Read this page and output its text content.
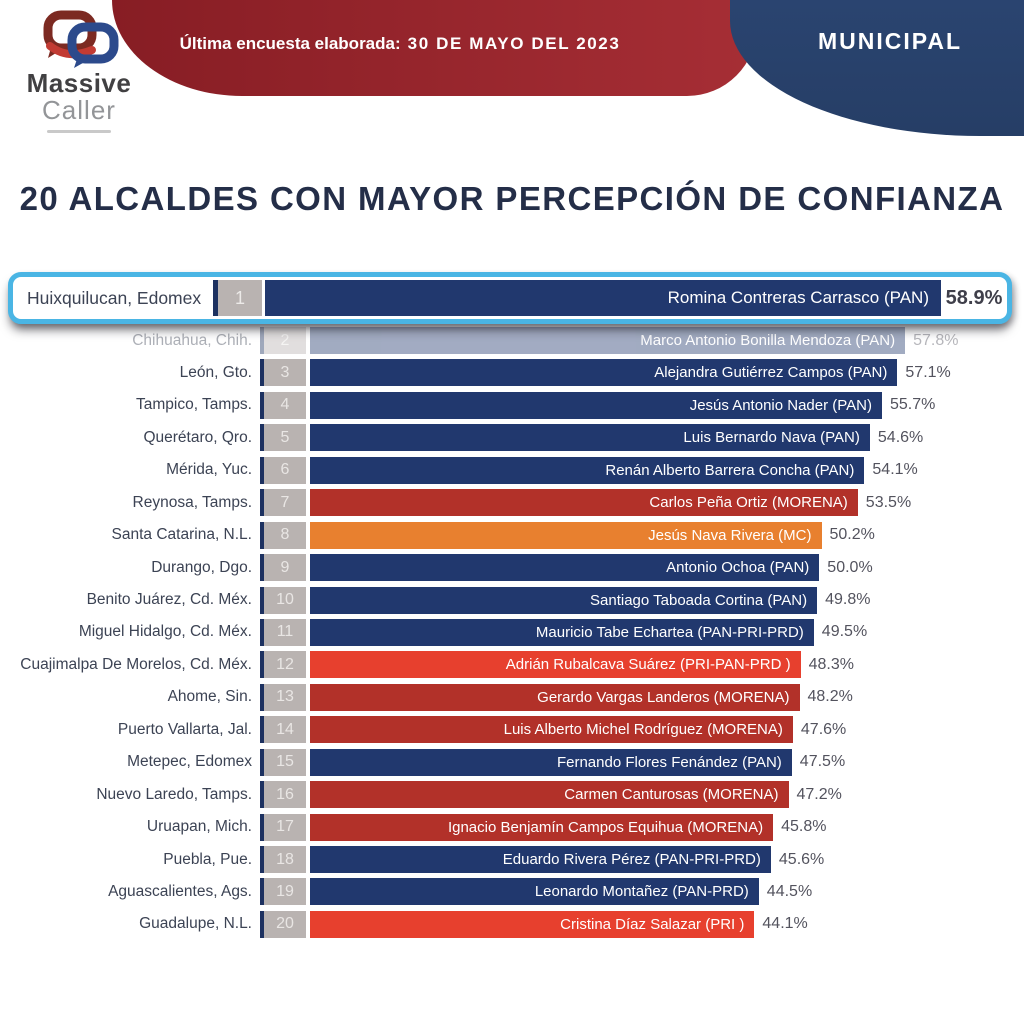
Última encuesta elaborada: 30 DE MAYO DEL 2023	MUNICIPAL
Massive
Caller
20 ALCALDES CON MAYOR PERCEPCIÓN DE CONFIANZA
Huixquilucan, Edomex	1	Romina Contreras Carrasco (PAN) 58.9%
Chihuahua, Chih.	2	Marco Antonio Bonilla Mendoza (PAN) 57.8%
León, Gto.	3	Alejandra Gutiérrez Campos (PAN) 57.1%
Tampico, Tamps.	4	Jesús Antonio Nader (PAN) 55.7%
Querétaro, Qro.	5	Luis Bernardo Nava (PAN) 54.6%
Mérida, Yuc.	6	Renán Alberto Barrera Concha (PAN) 54.1%
Reynosa, Tamps.	7	Carlos Peña Ortiz (MORENA) 53.5%
Santa Catarina, N.L.	8	Jesús Nava Rivera (MC) 50.2%
Durango, Dgo.	9	Antonio Ochoa (PAN) 50.0%
Benito Juárez, Cd. Méx.	10	Santiago Taboada Cortina (PAN) 49.8%
Miguel Hidalgo, Cd. Méx.	11	Mauricio Tabe Echartea (PAN-PRI-PRD) 49.5%
Cuajimalpa De Morelos, Cd. Méx.	12	Adrián Rubalcava Suárez (PRI-PAN-PRD ) 48.3%
Ahome, Sin.	13	Gerardo Vargas Landeros (MORENA) 48.2%
Puerto Vallarta, Jal.	14	Luis Alberto Michel Rodríguez (MORENA) 47.6%
Metepec, Edomex	15	Fernando Flores Fenández (PAN) 47.5%
Nuevo Laredo, Tamps.	16	Carmen Canturosas (MORENA) 47.2%
Uruapan, Mich.	17	Ignacio Benjamín Campos Equihua (MORENA) 45.8%
Puebla, Pue.	18	Eduardo Rivera Pérez (PAN-PRI-PRD) 45.6%
Aguascalientes, Ags.	19	Leonardo Montañez (PAN-PRD) 44.5%
Guadalupe, N.L.	20	Cristina Díaz Salazar (PRI ) 44.1%
